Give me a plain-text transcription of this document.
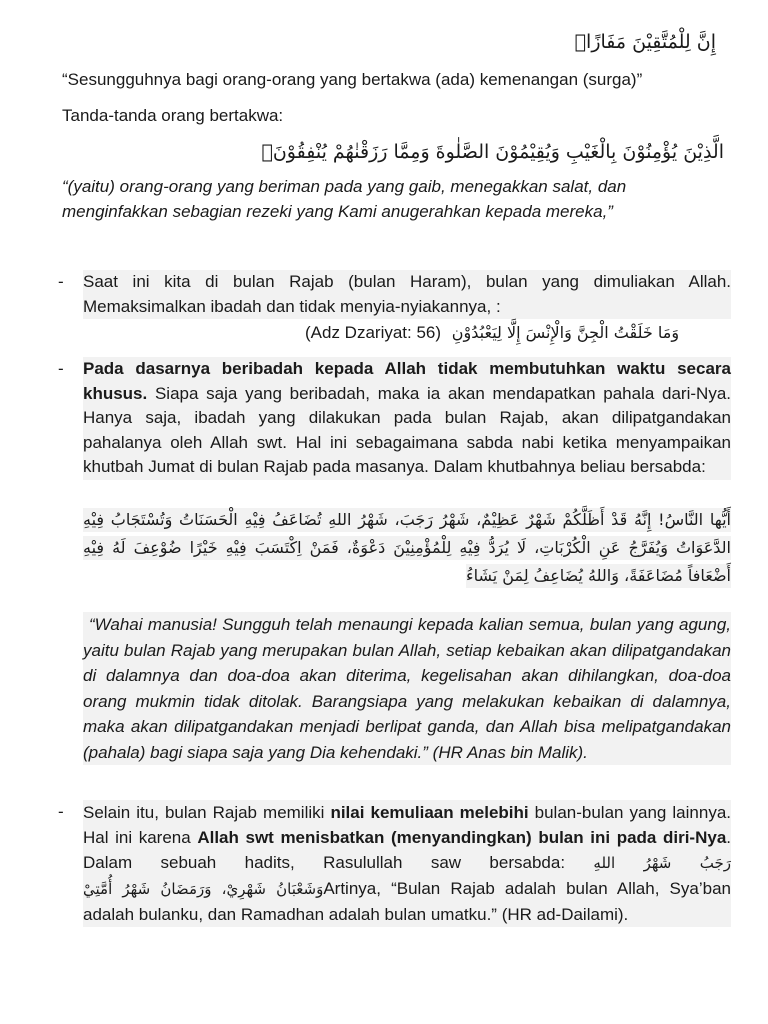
إِنَّ لِلْمُتَّقِيْنَ مَفَازًاۙ
“Sesungguhnya bagi orang-orang yang bertakwa (ada) kemenangan (surga)”
Tanda-tanda orang bertakwa:
الَّذِيْنَ يُؤْمِنُوْنَ بِالْغَيْبِ وَيُقِيْمُوْنَ الصَّلٰوةَ وَمِمَّا رَزَقْنٰهُمْ يُنْفِقُوْنَۙ
“(yaitu) orang-orang yang beriman pada yang gaib, menegakkan salat, dan
menginfakkan sebagian rezeki yang Kami anugerahkan kepada mereka,”
- Saat ini kita di bulan Rajab (bulan Haram), bulan yang dimuliakan Allah.

Memaksimalkan ibadah dan tidak menyia-nyiakannya, :

(Adz Dzariyat: 56) وَمَا خَلَقْتُ الْجِنَّ وَالْإِنْسَ إِلَّا لِيَعْبُدُوْنِ
- Pada dasarnya beribadah kepada Allah tidak membutuhkan waktu secara khusus. Siapa saja yang beribadah, maka ia akan mendapatkan pahala dari-Nya. Hanya saja, ibadah yang dilakukan pada bulan Rajab, akan dilipatgandakan pahalanya oleh Allah swt. Hal ini sebagaimana sabda nabi ketika menyampaikan khutbah Jumat di bulan Rajab pada masanya. Dalam khutbahnya beliau bersabda:

أَيُّها النَّاسُ! إِنَّهُ قَدْ أَظَلَّكُمْ شَهْرٌ عَظِيْمٌ، شَهْرُ رَجَبَ، شَهْرُ اللهِ تُضَاعَفُ فِيْهِ الْحَسَنَاتُ وَتُسْتَجَابُ فِيْهِ
الدَّعَوَاتُ وَيُفَرَّجُ عَنِ الْكُرْبَاتِ، لَا يُرَدُّ فِيْهِ لِلْمُؤْمِنِيْنَ دَعْوَةٌ، فَمَنْ اِكْتَسَبَ فِيْهِ خَيْرًا ضُوْعِفَ لَهُ فِيْهِ
أَضْعَافاً مُضَاعَفَةً، وَاللهُ يُضَاعِفُ لِمَنْ يَشَاءُ

“Wahai manusia! Sungguh telah menaungi kepada kalian semua, bulan yang agung, yaitu bulan Rajab yang merupakan bulan Allah, setiap kebaikan akan dilipatgandakan di dalamnya dan doa-doa akan diterima, kegelisahan akan dihilangkan, doa-doa orang mukmin tidak ditolak. Barangsiapa yang melakukan kebaikan di dalamnya, maka akan dilipatgandakan menjadi berlipat ganda, dan Allah bisa melipatgandakan (pahala) bagi siapa saja yang Dia kehendaki.” (HR Anas bin Malik).

- Selain itu, bulan Rajab memiliki nilai kemuliaan melebihi bulan-bulan yang lainnya. Hal ini karena Allah swt menisbatkan (menyandingkan) bulan ini pada diri-Nya. Dalam sebuah hadits, Rasulullah saw bersabda: رَجَبُ شَهْرُ اللهِ

وَشَعْبَانُ شَهْرِيْ، وَرَمَضَانُ شَهْرُ أُمَّتِيْArtinya, “Bulan Rajab adalah bulan Allah, Sya’ban

adalah bulanku, dan Ramadhan adalah bulan umatku.” (HR ad-Dailami).
